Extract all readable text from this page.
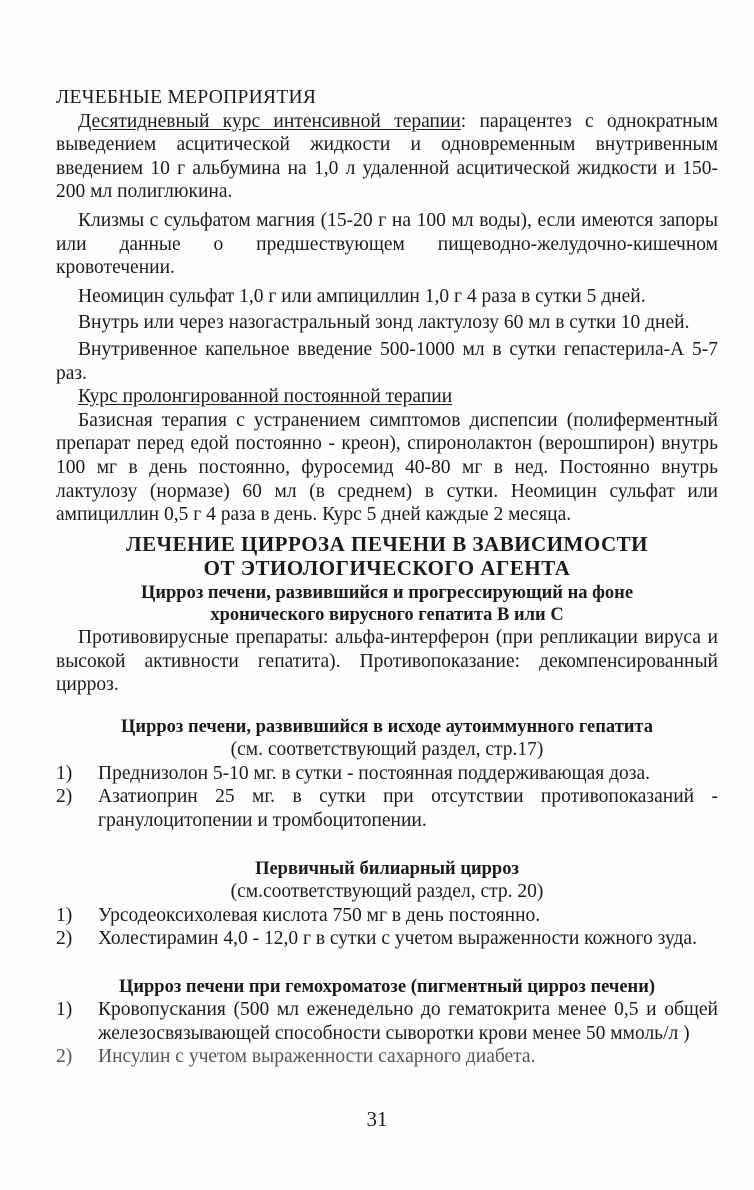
ЛЕЧЕБНЫЕ МЕРОПРИЯТИЯ

Десятидневный курс интенсивной терапии: парацентез с однократным выведением асцитической жидкости и одновременным внутривенным введением 10 г альбумина на 1,0 л удаленной асцитической жидкости и 150-200 мл полиглюкина.

Клизмы с сульфатом магния (15-20 г на 100 мл воды), если имеются запоры или данные о предшествующем пищеводно-желудочно-кишечном кровотечении.

Неомицин сульфат 1,0 г или ампициллин 1,0 г 4 раза в сутки 5 дней.

Внутрь или через назогастральный зонд лактулозу 60 мл в сутки 10 дней.

Внутривенное капельное введение 500-1000 мл в сутки гепастерила-А 5-7 раз.

Курс пролонгированной постоянной терапии

Базисная терапия с устранением симптомов диспепсии (полиферментный препарат перед едой постоянно - креон), спиронолактон (верошпирон) внутрь 100 мг в день постоянно, фуросемид 40-80 мг в нед. Постоянно внутрь лактулозу (нормазе) 60 мл (в среднем) в сутки. Неомицин сульфат или ампициллин 0,5 г 4 раза в день. Курс 5 дней каждые 2 месяца.

ЛЕЧЕНИЕ ЦИРРОЗА ПЕЧЕНИ В ЗАВИСИМОСТИ
ОТ ЭТИОЛОГИЧЕСКОГО АГЕНТА
Цирроз печени, развившийся и прогрессирующий на фоне
хронического вирусного гепатита В или С

Противовирусные препараты: альфа-интерферон (при репликации вируса и высокой активности гепатита). Противопоказание: декомпенсированный цирроз.

Цирроз печени, развившийся в исходе аутоиммунного гепатита
(см. соответствующий раздел, стр.17)
1)	Преднизолон 5-10 мг. в сутки - постоянная поддерживающая доза.
2)	Азатиоприн 25 мг. в сутки при отсутствии противопоказаний - гранулоцитопении и тромбоцитопении.
Первичный билиарный цирроз
(см.соответствующий раздел, стр. 20)
1)	Урсодеоксихолевая кислота 750 мг в день постоянно.
2)	Холестирамин 4,0 - 12,0 г в сутки с учетом выраженности кожного зуда.
Цирроз печени при гемохроматозе (пигментный цирроз печени)
1)	Кровопускания (500 мл еженедельно до гематокрита менее 0,5 и общей железосвязывающей способности сыворотки крови менее 50 ммоль/л )
2)	Инсулин с учетом выраженности сахарного диабета.
31
